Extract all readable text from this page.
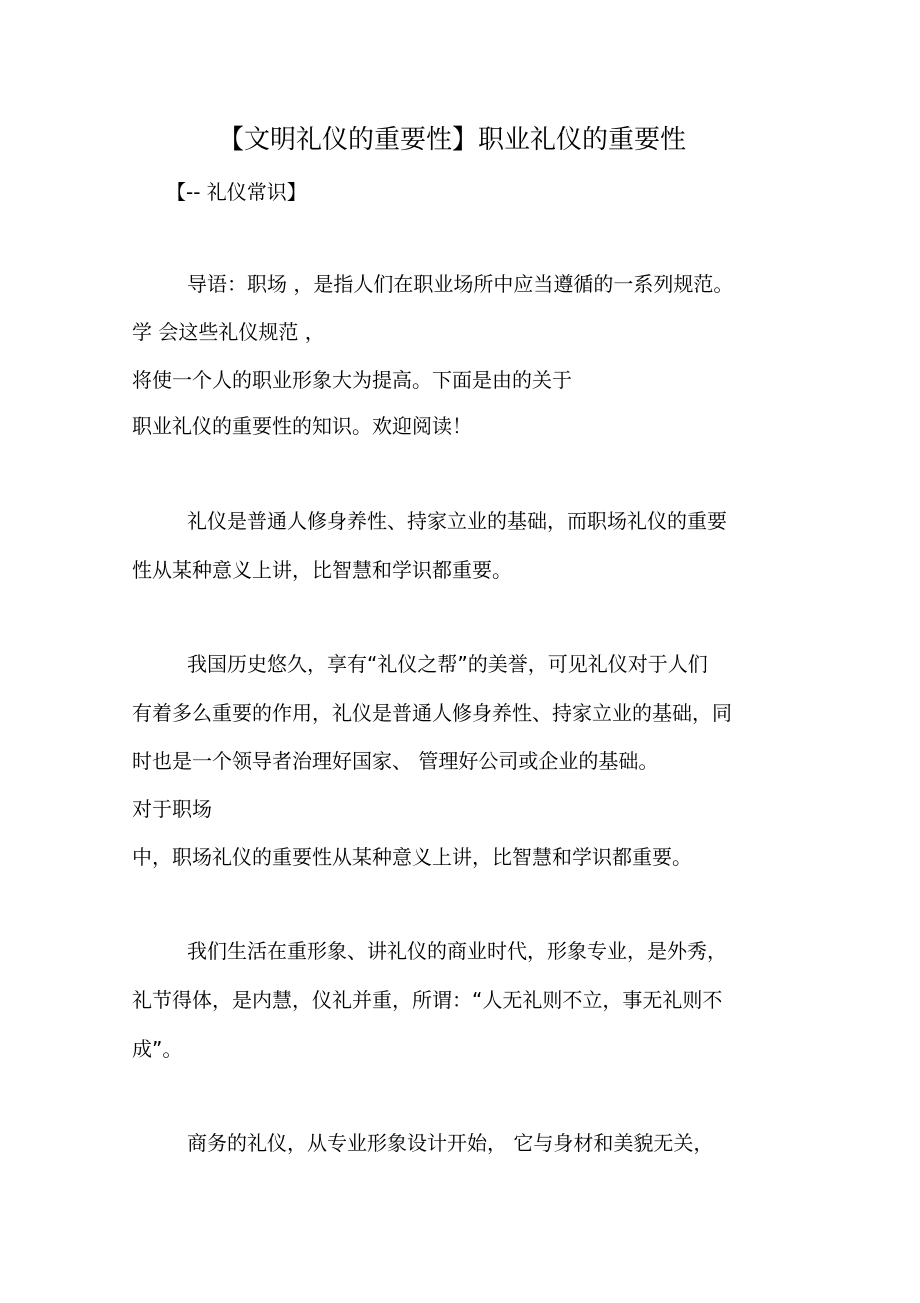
【文明礼仪的重要性】职业礼仪的重要性
【-- 礼仪常识】
导语：职场 ，是指人们在职业场所中应当遵循的一系列规范。
学 会这些礼仪规范 ，
将使一个人的职业形象大为提高。下面是由的关于
职业礼仪的重要性的知识。欢迎阅读！
礼仪是普通人修身养性、持家立业的基础，而职场礼仪的重要
性从某种意义上讲，比智慧和学识都重要。
我国历史悠久，享有“礼仪之帮”的美誉，可见礼仪对于人们
有着多么重要的作用，礼仪是普通人修身养性、持家立业的基础，同
时也是一个领导者治理好国家、 管理好公司或企业的基础。
对于职场
中，职场礼仪的重要性从某种意义上讲，比智慧和学识都重要。
我们生活在重形象、讲礼仪的商业时代，形象专业，是外秀，
礼节得体，是内慧，仪礼并重，所谓：“人无礼则不立，事无礼则不
成”。
商务的礼仪，从专业形象设计开始， 它与身材和美貌无关，
